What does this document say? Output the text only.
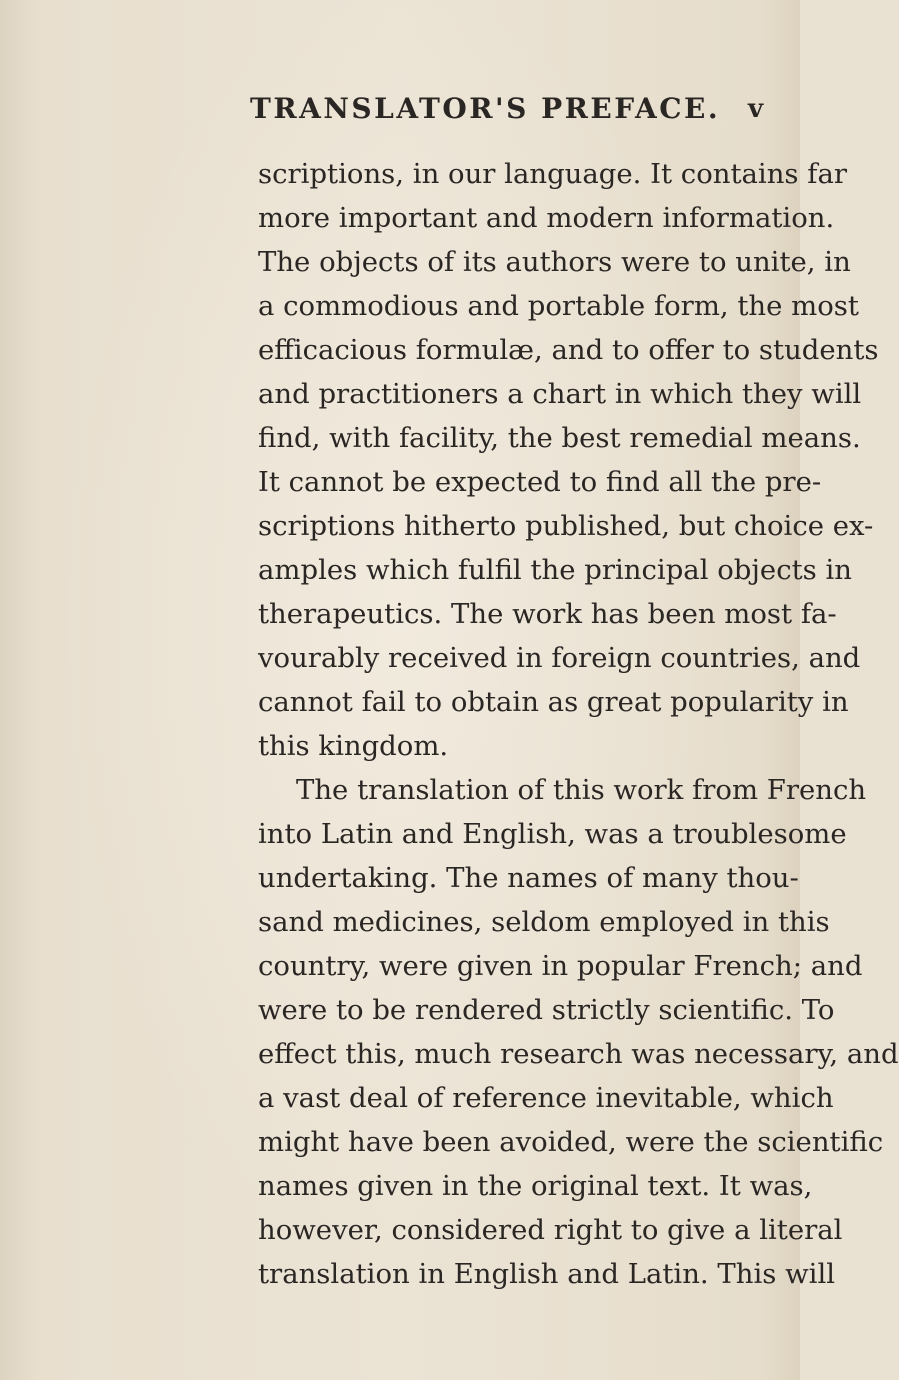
TRANSLATOR'S PREFACE. v
scriptions, in our language. It contains far
more important and modern information.
The objects of its authors were to unite, in
a commodious and portable form, the most
efficacious formulæ, and to offer to students
and practitioners a chart in which they will
find, with facility, the best remedial means.
It cannot be expected to find all the pre-
scriptions hitherto published, but choice ex-
amples which fulfil the principal objects in
therapeutics. The work has been most fa-
vourably received in foreign countries, and
cannot fail to obtain as great popularity in
this kingdom.
The translation of this work from French
into Latin and English, was a troublesome
undertaking. The names of many thou-
sand medicines, seldom employed in this
country, were given in popular French; and
were to be rendered strictly scientific. To
effect this, much research was necessary, and
a vast deal of reference inevitable, which
might have been avoided, were the scientific
names given in the original text. It was,
however, considered right to give a literal
translation in English and Latin. This will
